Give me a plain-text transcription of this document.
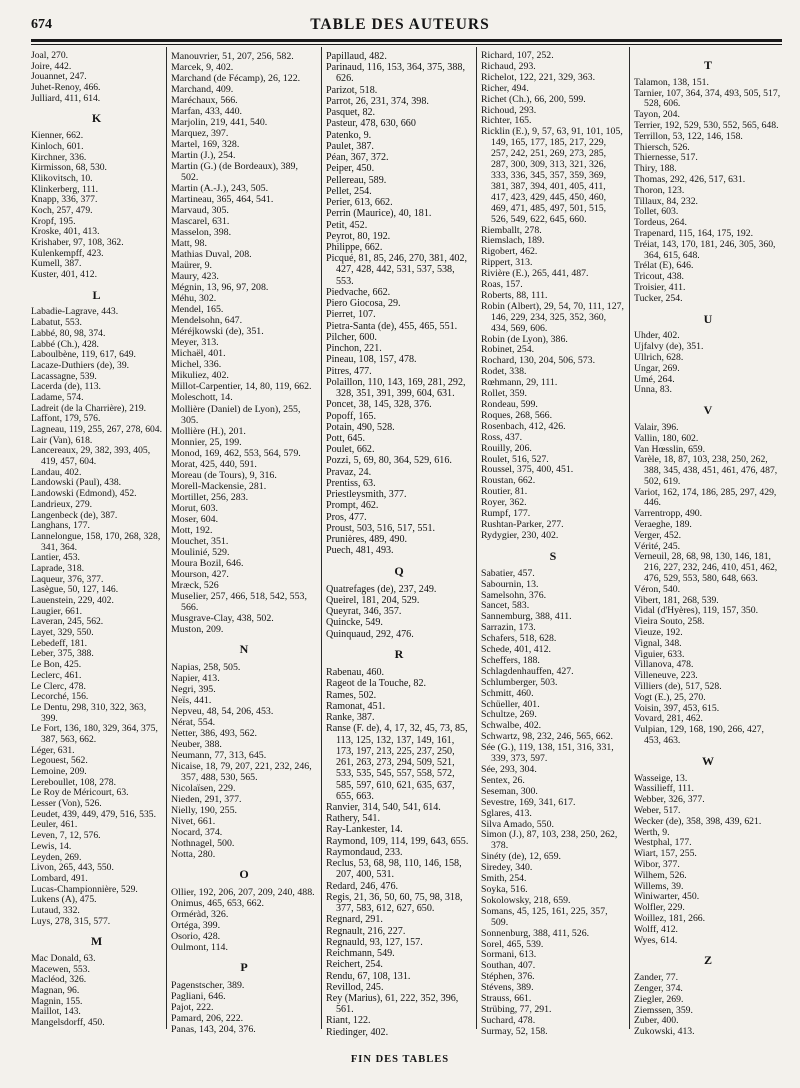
674	TABLE DES AUTEURS
Joal, 270.
Joire, 442.
Jouannet, 247.
Juhet-Renoy, 466.
Julliard, 411, 614.
K
Kienner, 662.
Kinloch, 601.
Kirchner, 336.
Kirmisson, 68, 530.
Klikovitsch, 10.
Klinkerberg, 111.
Knapp, 336, 377.
Koch, 257, 479.
Kropf, 195.
Kroske, 401, 413.
Krishaber, 97, 108, 362.
Kulenkempff, 423.
Kumell, 387.
Kuster, 401, 412.
L
Labadie-Lagrave, 443.
Labatut, 553.
Labbé, 80, 98, 374.
Labbé (Ch.), 428.
Laboulbène, 119, 617, 649.
Lacaze-Duthiers (de), 39.
Lacassagne, 539.
Lacerda (de), 113.
Ladame, 574.
Ladreit (de la Charrière), 219.
Laffont, 179, 576.
Lagneau, 119, 255, 267, 278, 604.
Lair (Van), 618.
Lancereaux, 29, 382, 393, 405, 419, 457, 604.
Landau, 402.
Landowski (Paul), 438.
Landowski (Edmond), 452.
Landrieux, 279.
Langenbeck (de), 387.
Langhans, 177.
Lannelongue, 158, 170, 268, 328, 341, 364.
Lantier, 453.
Laprade, 318.
Laqueur, 376, 377.
Lasègue, 50, 127, 146.
Lauenstein, 229, 402.
Laugier, 661.
Laveran, 245, 562.
Layet, 329, 550.
Lebedeff, 181.
Leber, 375, 388.
Le Bon, 425.
Leclerc, 461.
Le Clerc, 478.
Lecorché, 156.
Le Dentu, 298, 310, 322, 363, 399.
Le Fort, 136, 180, 329, 364, 375, 387, 563, 662.
Léger, 631.
Legouest, 562.
Lemoine, 209.
Lereboullet, 108, 278.
Le Roy de Méricourt, 63.
Lesser (Von), 526.
Leudet, 439, 449, 479, 516, 535.
Leuler, 461.
Leven, 7, 12, 576.
Lewis, 14.
Leyden, 269.
Livon, 265, 443, 550.
Lombard, 491.
Lucas-Championnière, 529.
Lukens (A), 475.
Lutaud, 332.
Luys, 278, 315, 577.
M
Mac Donald, 63.
Macewen, 553.
Macléod, 326.
Magnan, 96.
Magnin, 155.
Maillot, 143.
Mangelsdorff, 450.
Manouvrier, 51, 207, 256, 582.
Marcek, 9, 402.
Marchand (de Fécamp), 26, 122.
Marchand, 409.
Maréchaux, 566.
Marfan, 433, 440.
Marjolin, 219, 441, 540.
Marquez, 397.
Martel, 169, 328.
Martin (J.), 254.
Martin (G.) (de Bordeaux), 389, 502.
Martin (A.-J.), 243, 505.
Martineau, 365, 464, 541.
Marvaud, 305.
Mascarel, 631.
Masselon, 398.
Matt, 98.
Mathias Duval, 208.
Maürer, 9.
Maury, 423.
Mégnin, 13, 96, 97, 208.
Méhu, 302.
Mendel, 165.
Mendelsohn, 647.
Méréjkowski (de), 351.
Meyer, 313.
Michaël, 401.
Michel, 336.
Mikuliez, 402.
Millot-Carpentier, 14, 80, 119, 662.
Moleschott, 14.
Mollière (Daniel) de Lyon), 255, 305.
Mollière (H.), 201.
Monnier, 25, 199.
Monod, 169, 462, 553, 564, 579.
Morat, 425, 440, 591.
Moreau (de Tours), 9, 316.
Morell-Mackensie, 281.
Mortillet, 256, 283.
Morut, 603.
Moser, 604.
Mott, 192.
Mouchet, 351.
Moulinié, 529.
Moura Bozil, 646.
Mourson, 427.
Mræck, 526
Muselier, 257, 466, 518, 542, 553, 566.
Musgrave-Clay, 438, 502.
Muston, 209.
N
Napias, 258, 505.
Napier, 413.
Negri, 395.
Neïs, 441.
Nepveu, 48, 54, 206, 453.
Nérat, 554.
Netter, 386, 493, 562.
Neuber, 388.
Neumann, 77, 313, 645.
Nicaise, 18, 79, 207, 221, 232, 246, 357, 488, 530, 565.
Nicolaïsen, 229.
Nieden, 291, 377.
Nielly, 190, 255.
Nivet, 661.
Nocard, 374.
Nothnagel, 500.
Notta, 280.
O
Ollier, 192, 206, 207, 209, 240, 488.
Onimus, 465, 653, 662.
Orméràd, 326.
Ortéga, 399.
Osorio, 428.
Oulmont, 114.
P
Pagenstscher, 389.
Pagliani, 646.
Pajot, 222.
Pamard, 206, 222.
Panas, 143, 204, 376.
Papillaud, 482.
Parinaud, 116, 153, 364, 375, 388, 626.
Parizot, 518.
Parrot, 26, 231, 374, 398.
Pasquet, 82.
Pasteur, 478, 630, 660
Patenko, 9.
Paulet, 387.
Péan, 367, 372.
Peiper, 450.
Pellereau, 589.
Pellet, 254.
Perier, 613, 662.
Perrin (Maurice), 40, 181.
Petit, 452.
Peyrot, 80, 192.
Philippe, 662.
Picqué, 81, 85, 246, 270, 381, 402, 427, 428, 442, 531, 537, 538, 553.
Piedvache, 662.
Piero Giocosa, 29.
Pierret, 107.
Pietra-Santa (de), 455, 465, 551.
Pilcher, 600.
Pinchon, 221.
Pineau, 108, 157, 478.
Pitres, 477.
Polaillon, 110, 143, 169, 281, 292, 328, 351, 391, 399, 604, 631.
Poncet, 38, 145, 328, 376.
Popoff, 165.
Potain, 490, 528.
Pott, 645.
Poulet, 662.
Pozzi, 5, 69, 80, 364, 529, 616.
Pravaz, 24.
Prentiss, 63.
Priestleysmith, 377.
Prompt, 462.
Pros, 477.
Proust, 503, 516, 517, 551.
Prunières, 489, 490.
Puech, 481, 493.
Q
Quatrefages (de), 237, 249.
Queirel, 181, 204, 529.
Queyrat, 346, 357.
Quincke, 549.
Quinquaud, 292, 476.
R
Rabenau, 460.
Rageot de la Touche, 82.
Rames, 502.
Ramonat, 451.
Ranke, 387.
Ranse (F. de), 4, 17, 32, 45, 73, 85, 113, 125, 132, 137, 149, 161, 173, 197, 213, 225, 237, 250, 261, 263, 273, 294, 509, 521, 533, 535, 545, 557, 558, 572, 585, 597, 610, 621, 635, 637, 655, 663.
Ranvier, 314, 540, 541, 614.
Rathery, 541.
Ray-Lankester, 14.
Raymond, 109, 114, 199, 643, 655.
Raymondaud, 233.
Reclus, 53, 68, 98, 110, 146, 158, 207, 400, 531.
Redard, 246, 476.
Regis, 21, 36, 50, 60, 75, 98, 318, 377, 583, 612, 627, 650.
Regnard, 291.
Regnault, 216, 227.
Regnauld, 93, 127, 157.
Reichmann, 549.
Reichert, 254.
Rendu, 67, 108, 131.
Revillod, 245.
Rey (Marius), 61, 222, 352, 396, 561.
Riant, 122.
Riedinger, 402.
Richard, 107, 252.
Richaud, 293.
Richelot, 122, 221, 329, 363.
Richer, 494.
Richet (Ch.), 66, 200, 599.
Richoud, 293.
Richter, 165.
Ricklin (E.), 9, 57, 63, 91, 101, 105, 149, 165, 177, 185, 217, 229, 257, 242, 251, 269, 273, 285, 287, 300, 309, 313, 321, 326, 333, 336, 345, 357, 359, 369, 381, 387, 394, 401, 405, 411, 417, 423, 429, 445, 450, 460, 469, 471, 485, 497, 501, 515, 526, 549, 622, 645, 660.
Riemballt, 278.
Riemslach, 189.
Rigobert, 462.
Rippert, 313.
Rivière (E.), 265, 441, 487.
Roas, 157.
Roberts, 88, 111.
Robin (Albert), 29, 54, 70, 111, 127, 146, 229, 234, 325, 352, 360, 434, 569, 606.
Robin (de Lyon), 386.
Robinet, 254.
Rochard, 130, 204, 506, 573.
Rodet, 338.
Rœhmann, 29, 111.
Rollet, 359.
Rondeau, 599.
Roques, 268, 566.
Rosenbach, 412, 426.
Ross, 437.
Rouilly, 206.
Roulet, 516, 527.
Roussel, 375, 400, 451.
Roustan, 662.
Routier, 81.
Royer, 362.
Rumpf, 177.
Rushtan-Parker, 277.
Rydygier, 230, 402.
S
Sabatier, 457.
Sabournin, 13.
Samelsohn, 376.
Sancet, 583.
Sannemburg, 388, 411.
Sarrazin, 173.
Schafers, 518, 628.
Schede, 401, 412.
Scheffers, 188.
Schlagdenhauffen, 427.
Schlumberger, 503.
Schmitt, 460.
Schüeller, 401.
Schultze, 269.
Schwalbe, 402.
Schwartz, 98, 232, 246, 565, 662.
Sée (G.), 119, 138, 151, 316, 331, 339, 373, 597.
Sée, 293, 304.
Sentex, 26.
Seseman, 300.
Sevestre, 169, 341, 617.
Sglares, 413.
Silva Amado, 550.
Simon (J.), 87, 103, 238, 250, 262, 378.
Sinéty (de), 12, 659.
Siredey, 340.
Smith, 254.
Soyka, 516.
Sokolowsky, 218, 659.
Somans, 45, 125, 161, 225, 357, 509.
Sonnenburg, 388, 411, 526.
Sorel, 465, 539.
Sormani, 613.
Southan, 407.
Stéphen, 376.
Stévens, 389.
Strauss, 661.
Strübing, 77, 291.
Suchard, 478.
Surmay, 52, 158.
T
Talamon, 138, 151.
Tarnier, 107, 364, 374, 493, 505, 517, 528, 606.
Tayon, 204.
Terrier, 192, 529, 530, 552, 565, 648.
Terrillon, 53, 122, 146, 158.
Thiersch, 526.
Thiernesse, 517.
Thiry, 188.
Thomas, 292, 426, 517, 631.
Thoron, 123.
Tillaux, 84, 232.
Tollet, 603.
Tordeus, 264.
Trapenard, 115, 164, 175, 192.
Tréiat, 143, 170, 181, 246, 305, 360, 364, 615, 648.
Trélat (E), 646.
Tricout, 438.
Troisier, 411.
Tucker, 254.
U
Uhder, 402.
Ujfalvy (de), 351.
Ullrich, 628.
Ungar, 269.
Umé, 264.
Unna, 83.
V
Valair, 396.
Vallin, 180, 602.
Van Hœsslin, 659.
Varèle, 18, 87, 103, 238, 250, 262, 388, 345, 438, 451, 461, 476, 487, 502, 619.
Variot, 162, 174, 186, 285, 297, 429, 446.
Varrentropp, 490.
Veraeghe, 189.
Verger, 452.
Vérité, 245.
Verneuil, 28, 68, 98, 130, 146, 181, 216, 227, 232, 246, 410, 451, 462, 476, 529, 553, 580, 648, 663.
Véron, 540.
Vibert, 181, 268, 539.
Vidal (d'Hyères), 119, 157, 350.
Vieira Souto, 258.
Vieuze, 192.
Vignal, 348.
Viguier, 633.
Villanova, 478.
Villeneuve, 223.
Villiers (de), 517, 528.
Vogt (E.), 25, 270.
Voisin, 397, 453, 615.
Vovard, 281, 462.
Vulpian, 129, 168, 190, 266, 427, 453, 463.
W
Wasseige, 13.
Wassilieff, 111.
Webber, 326, 377.
Weber, 517.
Wecker (de), 358, 398, 439, 621.
Werth, 9.
Westphal, 177.
Wiart, 157, 255.
Wibor, 377.
Wilhem, 526.
Willems, 39.
Winiwarter, 450.
Wolfler, 229.
Woillez, 181, 266.
Wolff, 412.
Wyes, 614.
Z
Zander, 77.
Zenger, 374.
Ziegler, 269.
Ziemssen, 359.
Zuber, 400.
Zukowski, 413.
FIN DES TABLES
